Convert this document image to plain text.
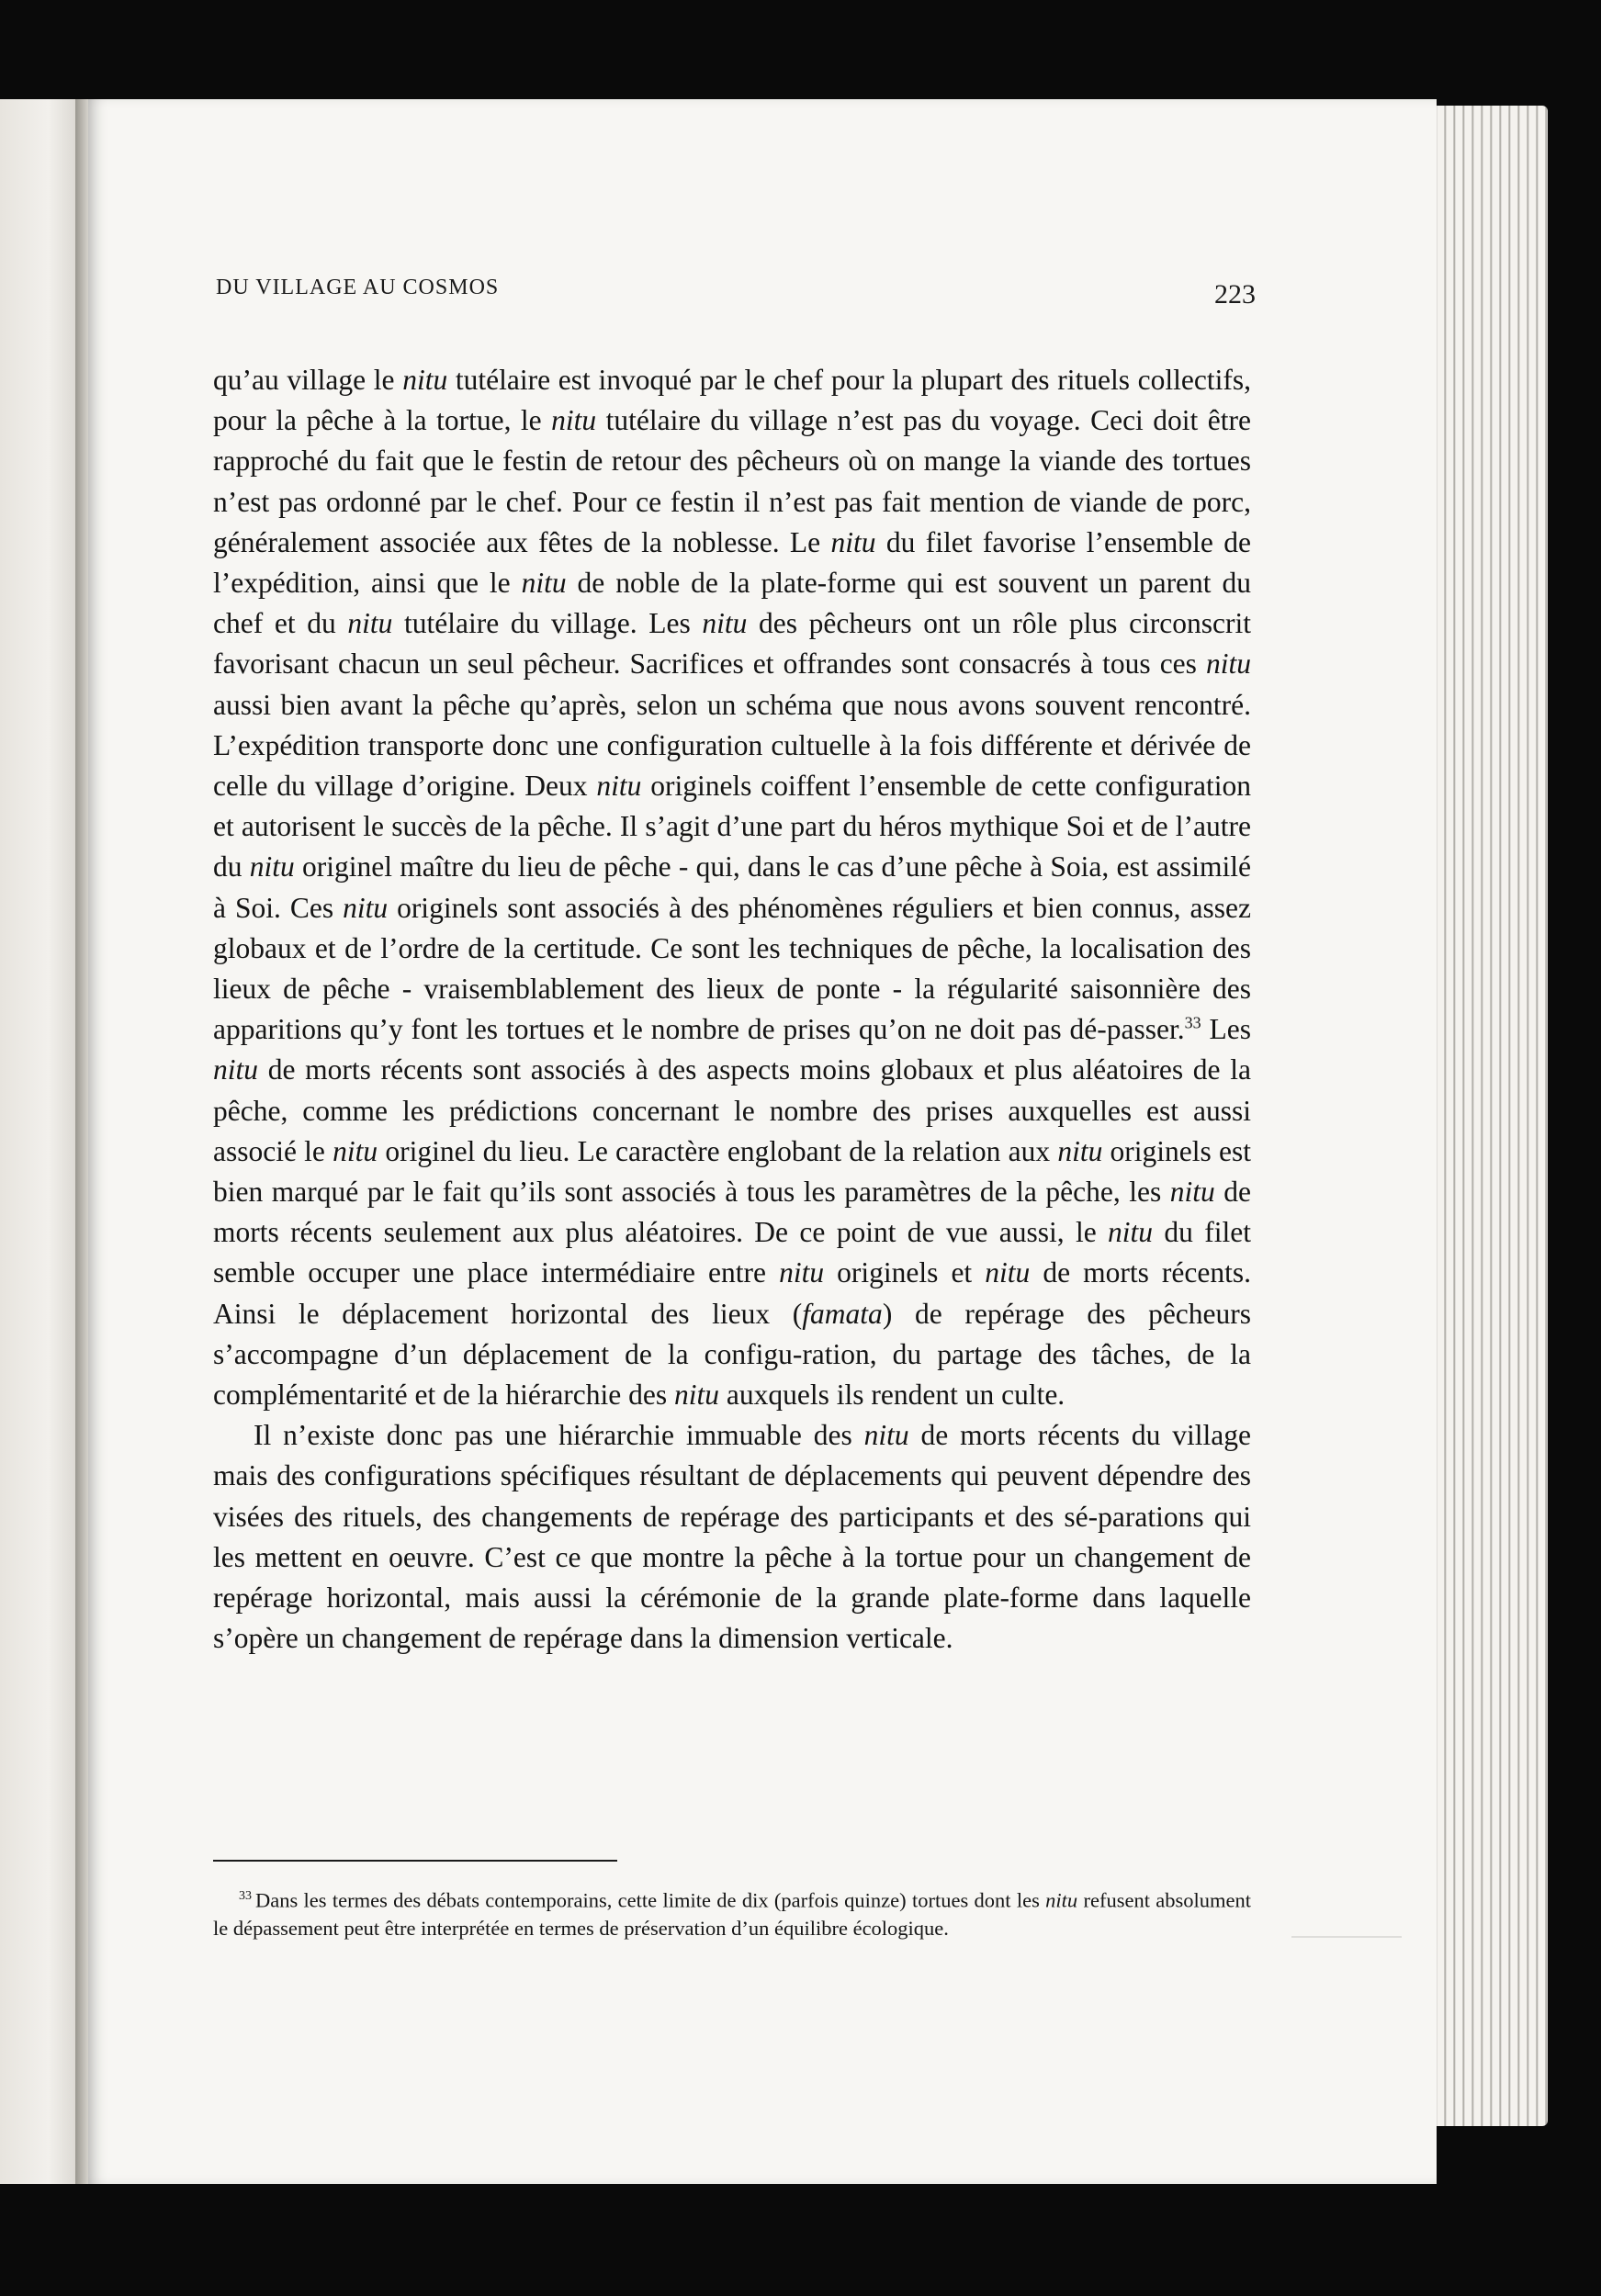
DU VILLAGE AU COSMOS	223

qu’au village le nitu tutélaire est invoqué par le chef pour la plupart des rituels collectifs, pour la pêche à la tortue, le nitu tutélaire du village n’est pas du voyage. Ceci doit être rapproché du fait que le festin de retour des pêcheurs où on mange la viande des tortues n’est pas ordonné par le chef. Pour ce festin il n’est pas fait mention de viande de porc, généralement associée aux fêtes de la noblesse. Le nitu du filet favorise l’ensemble de l’expédition, ainsi que le nitu de noble de la plate-forme qui est souvent un parent du chef et du nitu tutélaire du village. Les nitu des pêcheurs ont un rôle plus circonscrit favorisant chacun un seul pêcheur. Sacrifices et offrandes sont consacrés à tous ces nitu aussi bien avant la pêche qu’après, selon un schéma que nous avons souvent rencontré. L’expédition transporte donc une configuration cultuelle à la fois différente et dérivée de celle du village d’origine. Deux nitu originels coiffent l’ensemble de cette configuration et autorisent le succès de la pêche. Il s’agit d’une part du héros mythique Soi et de l’autre du nitu originel maître du lieu de pêche - qui, dans le cas d’une pêche à Soia, est assimilé à Soi. Ces nitu originels sont associés à des phénomènes réguliers et bien connus, assez globaux et de l’ordre de la certitude. Ce sont les techniques de pêche, la localisation des lieux de pêche - vraisemblablement des lieux de ponte - la régularité saisonnière des apparitions qu’y font les tortues et le nombre de prises qu’on ne doit pas dé-passer.$^{33}$ Les nitu de morts récents sont associés à des aspects moins globaux et plus aléatoires de la pêche, comme les prédictions concernant le nombre des prises auxquelles est aussi associé le nitu originel du lieu. Le caractère englobant de la relation aux nitu originels est bien marqué par le fait qu’ils sont associés à tous les paramètres de la pêche, les nitu de morts récents seulement aux plus aléatoires. De ce point de vue aussi, le nitu du filet semble occuper une place intermédiaire entre nitu originels et nitu de morts récents. Ainsi le déplacement horizontal des lieux (famata) de repérage des pêcheurs s’accompagne d’un déplacement de la configu-ration, du partage des tâches, de la complémentarité et de la hiérarchie des nitu auxquels ils rendent un culte.

Il n’existe donc pas une hiérarchie immuable des nitu de morts récents du village mais des configurations spécifiques résultant de déplacements qui peuvent dépendre des visées des rituels, des changements de repérage des participants et des sé-parations qui les mettent en oeuvre. C’est ce que montre la pêche à la tortue pour un changement de repérage horizontal, mais aussi la cérémonie de la grande plate-forme dans laquelle s’opère un changement de repérage dans la dimension verticale.

$^{33}$ Dans les termes des débats contemporains, cette limite de dix (parfois quinze) tortues dont les nitu refusent absolument le dépassement peut être interprétée en termes de préservation d’un équilibre écologique.
